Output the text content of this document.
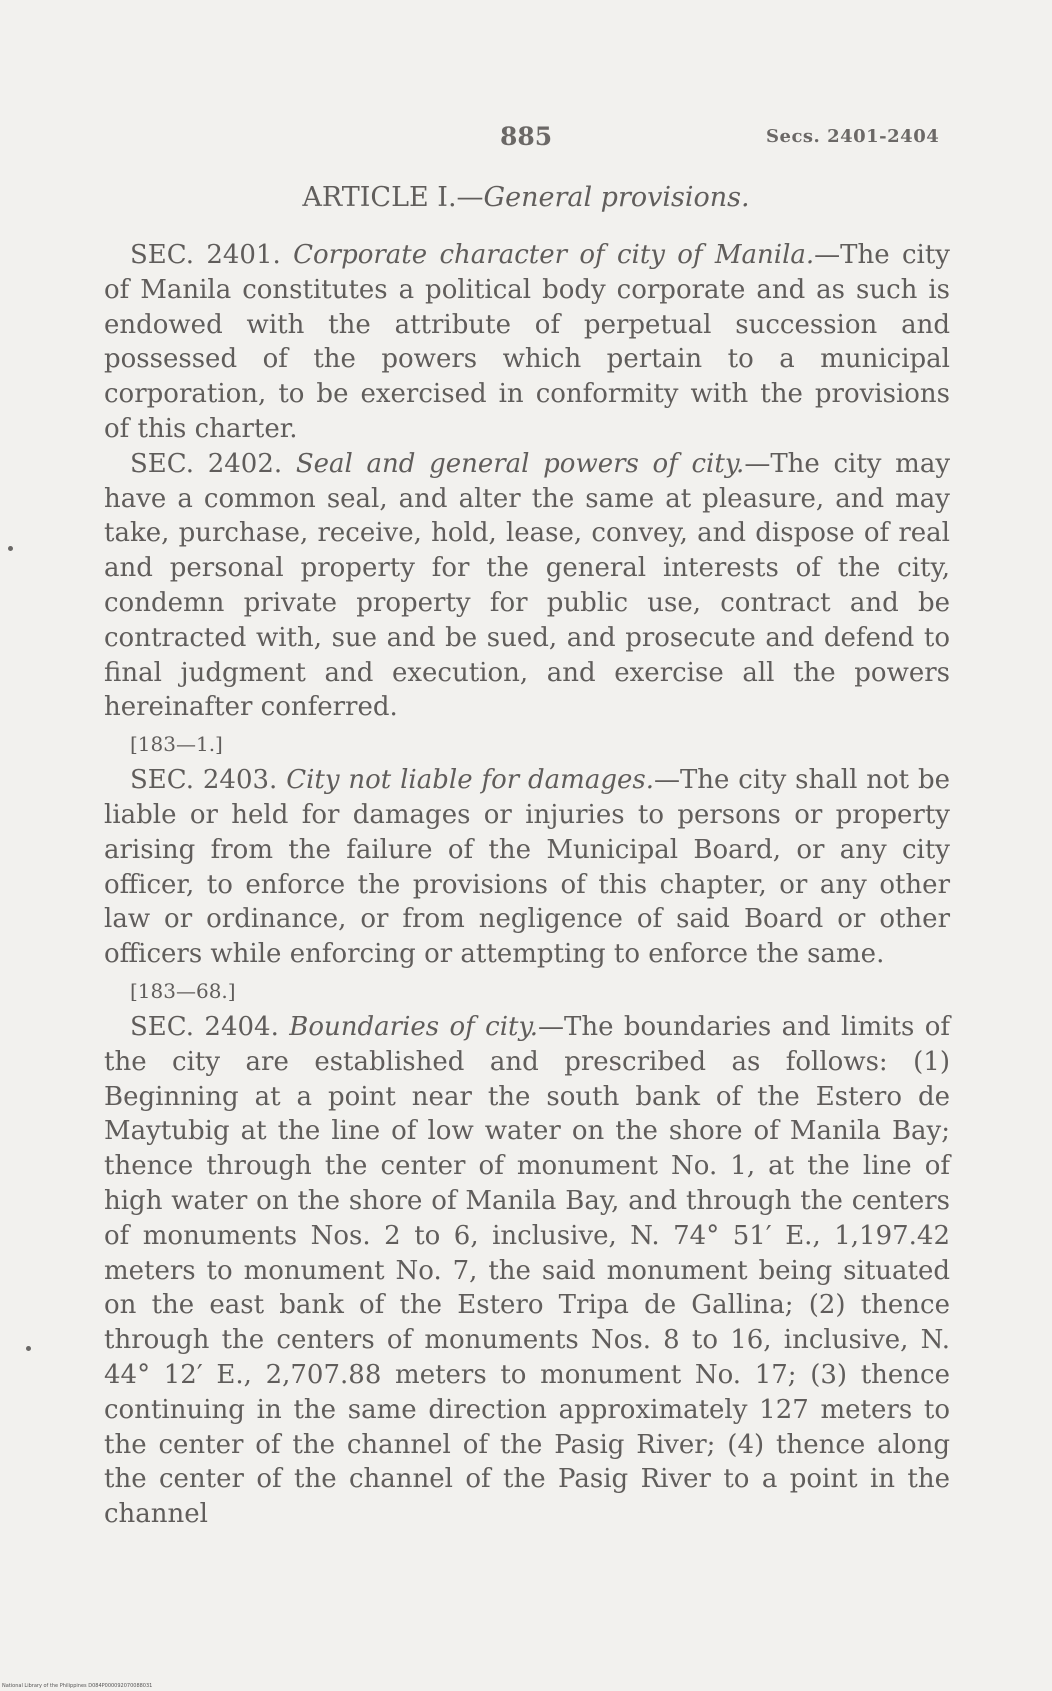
885	Secs. 2401-2404
ARTICLE I.—General provisions.

SEC. 2401. Corporate character of city of Manila.—The city of Manila constitutes a political body corporate and as such is endowed with the attribute of perpetual succession and possessed of the powers which pertain to a municipal corporation, to be exercised in conformity with the provisions of this charter.

SEC. 2402. Seal and general powers of city.—The city may have a common seal, and alter the same at pleasure, and may take, purchase, receive, hold, lease, convey, and dispose of real and personal property for the general interests of the city, condemn private property for public use, contract and be contracted with, sue and be sued, and prosecute and defend to final judgment and execution, and exercise all the powers hereinafter conferred.

[183—1.]

SEC. 2403. City not liable for damages.—The city shall not be liable or held for damages or injuries to persons or property arising from the failure of the Municipal Board, or any city officer, to enforce the provisions of this chapter, or any other law or ordinance, or from negligence of said Board or other officers while enforcing or attempting to enforce the same.

[183—68.]

SEC. 2404. Boundaries of city.—The boundaries and limits of the city are established and prescribed as follows: (1) Beginning at a point near the south bank of the Estero de Maytubig at the line of low water on the shore of Manila Bay; thence through the center of monument No. 1, at the line of high water on the shore of Manila Bay, and through the centers of monuments Nos. 2 to 6, inclusive, N. 74° 51′ E., 1,197.42 meters to monument No. 7, the said monument being situated on the east bank of the Estero Tripa de Gallina; (2) thence through the centers of monuments Nos. 8 to 16, inclusive, N. 44° 12′ E., 2,707.88 meters to monument No. 17; (3) thence continuing in the same direction approximately 127 meters to the center of the channel of the Pasig River; (4) thence along the center of the channel of the Pasig River to a point in the channel

National Library of the Philippines D084P000092070088031
